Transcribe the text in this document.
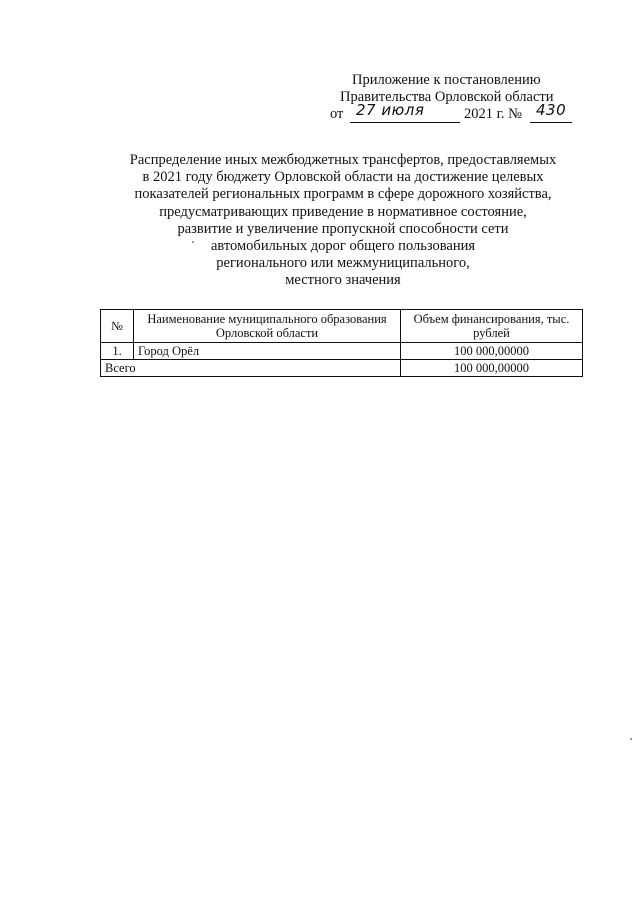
Приложение к постановлению
Правительства Орловской области
от 27 июля	2021 г. № 430
Распределение иных межбюджетных трансфертов, предоставляемых
в 2021 году бюджету Орловской области на достижение целевых
показателей региональных программ в сфере дорожного хозяйства,
предусматривающих приведение в нормативное состояние,
развитие и увеличение пропускной способности сети
автомобильных дорог общего пользования
регионального или межмуниципального,
местного значения
№	Наименование муниципального образования Орловской области	Объем финансирования, тыс. рублей
1.	Город Орёл	100 000,00000
Всего		100 000,00000
